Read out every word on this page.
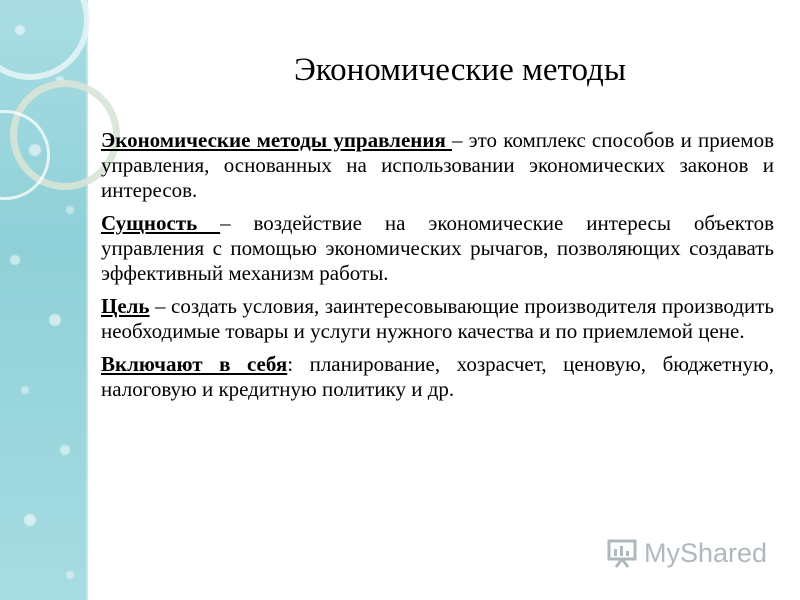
Экономические методы

Экономические методы управления – это комплекс способов и приемов управления, основанных на использовании экономических законов и интересов.

Сущность – воздействие на экономические интересы объектов управления с помощью экономических рычагов, позволяющих создавать эффективный механизм работы.

Цель – создать условия, заинтересовывающие производителя производить необходимые товары и услуги нужного качества и по приемлемой цене.

Включают в себя: планирование, хозрасчет, ценовую, бюджетную, налоговую и кредитную политику и др.

MyShared
